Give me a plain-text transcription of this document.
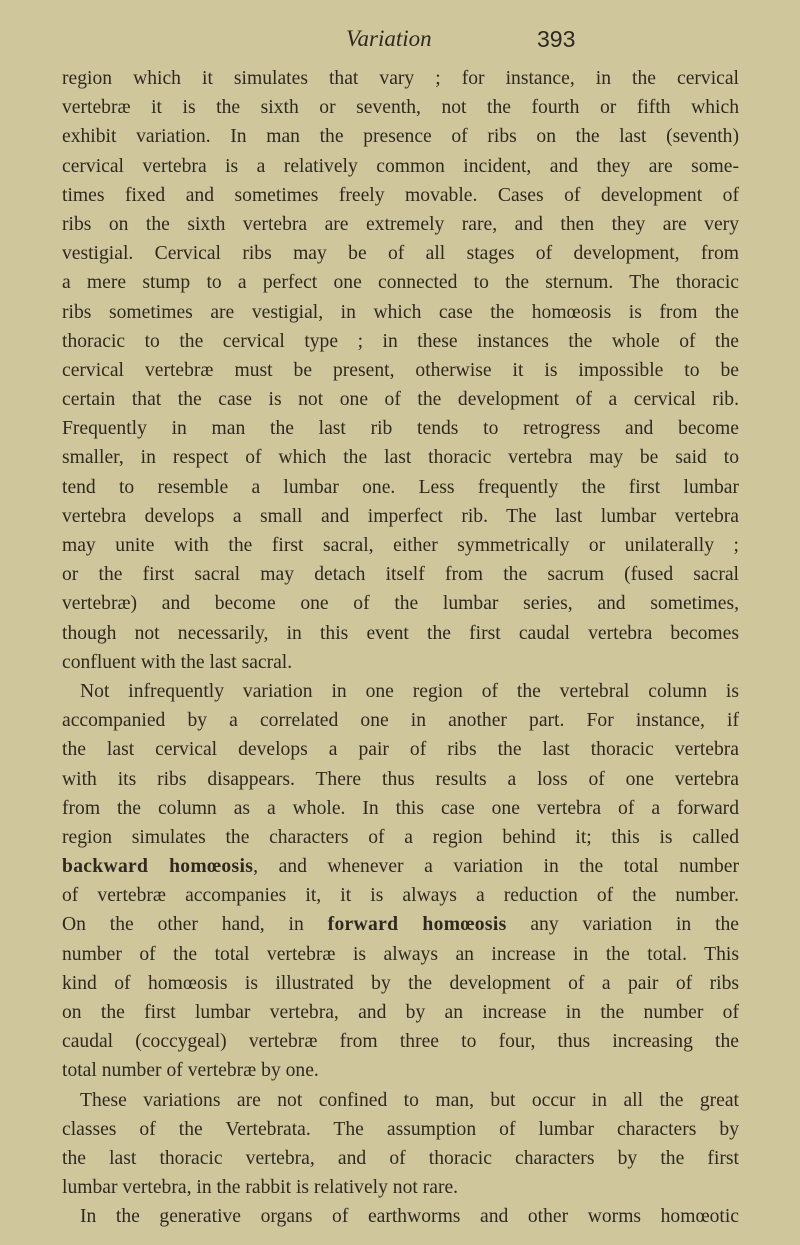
Variation	393
region which it simulates that vary ; for instance, in the cervical
vertebræ it is the sixth or seventh, not the fourth or fifth which
exhibit variation. In man the presence of ribs on the last (seventh)
cervical vertebra is a relatively common incident, and they are some-
times fixed and sometimes freely movable. Cases of development of
ribs on the sixth vertebra are extremely rare, and then they are very
vestigial. Cervical ribs may be of all stages of development, from
a mere stump to a perfect one connected to the sternum. The thoracic
ribs sometimes are vestigial, in which case the homœosis is from the
thoracic to the cervical type ; in these instances the whole of the
cervical vertebræ must be present, otherwise it is impossible to be
certain that the case is not one of the development of a cervical rib.
Frequently in man the last rib tends to retrogress and become
smaller, in respect of which the last thoracic vertebra may be said to
tend to resemble a lumbar one. Less frequently the first lumbar
vertebra develops a small and imperfect rib. The last lumbar vertebra
may unite with the first sacral, either symmetrically or unilaterally ;
or the first sacral may detach itself from the sacrum (fused sacral
vertebræ) and become one of the lumbar series, and sometimes,
though not necessarily, in this event the first caudal vertebra becomes
confluent with the last sacral.
Not infrequently variation in one region of the vertebral column is
accompanied by a correlated one in another part. For instance, if
the last cervical develops a pair of ribs the last thoracic vertebra
with its ribs disappears. There thus results a loss of one vertebra
from the column as a whole. In this case one vertebra of a forward
region simulates the characters of a region behind it; this is called
backward homœosis, and whenever a variation in the total number
of vertebræ accompanies it, it is always a reduction of the number.
On the other hand, in forward homœosis any variation in the
number of the total vertebræ is always an increase in the total. This
kind of homœosis is illustrated by the development of a pair of ribs
on the first lumbar vertebra, and by an increase in the number of
caudal (coccygeal) vertebræ from three to four, thus increasing the
total number of vertebræ by one.
These variations are not confined to man, but occur in all the great
classes of the Vertebrata. The assumption of lumbar characters by
the last thoracic vertebra, and of thoracic characters by the first
lumbar vertebra, in the rabbit is relatively not rare.
In the generative organs of earthworms and other worms homœotic
